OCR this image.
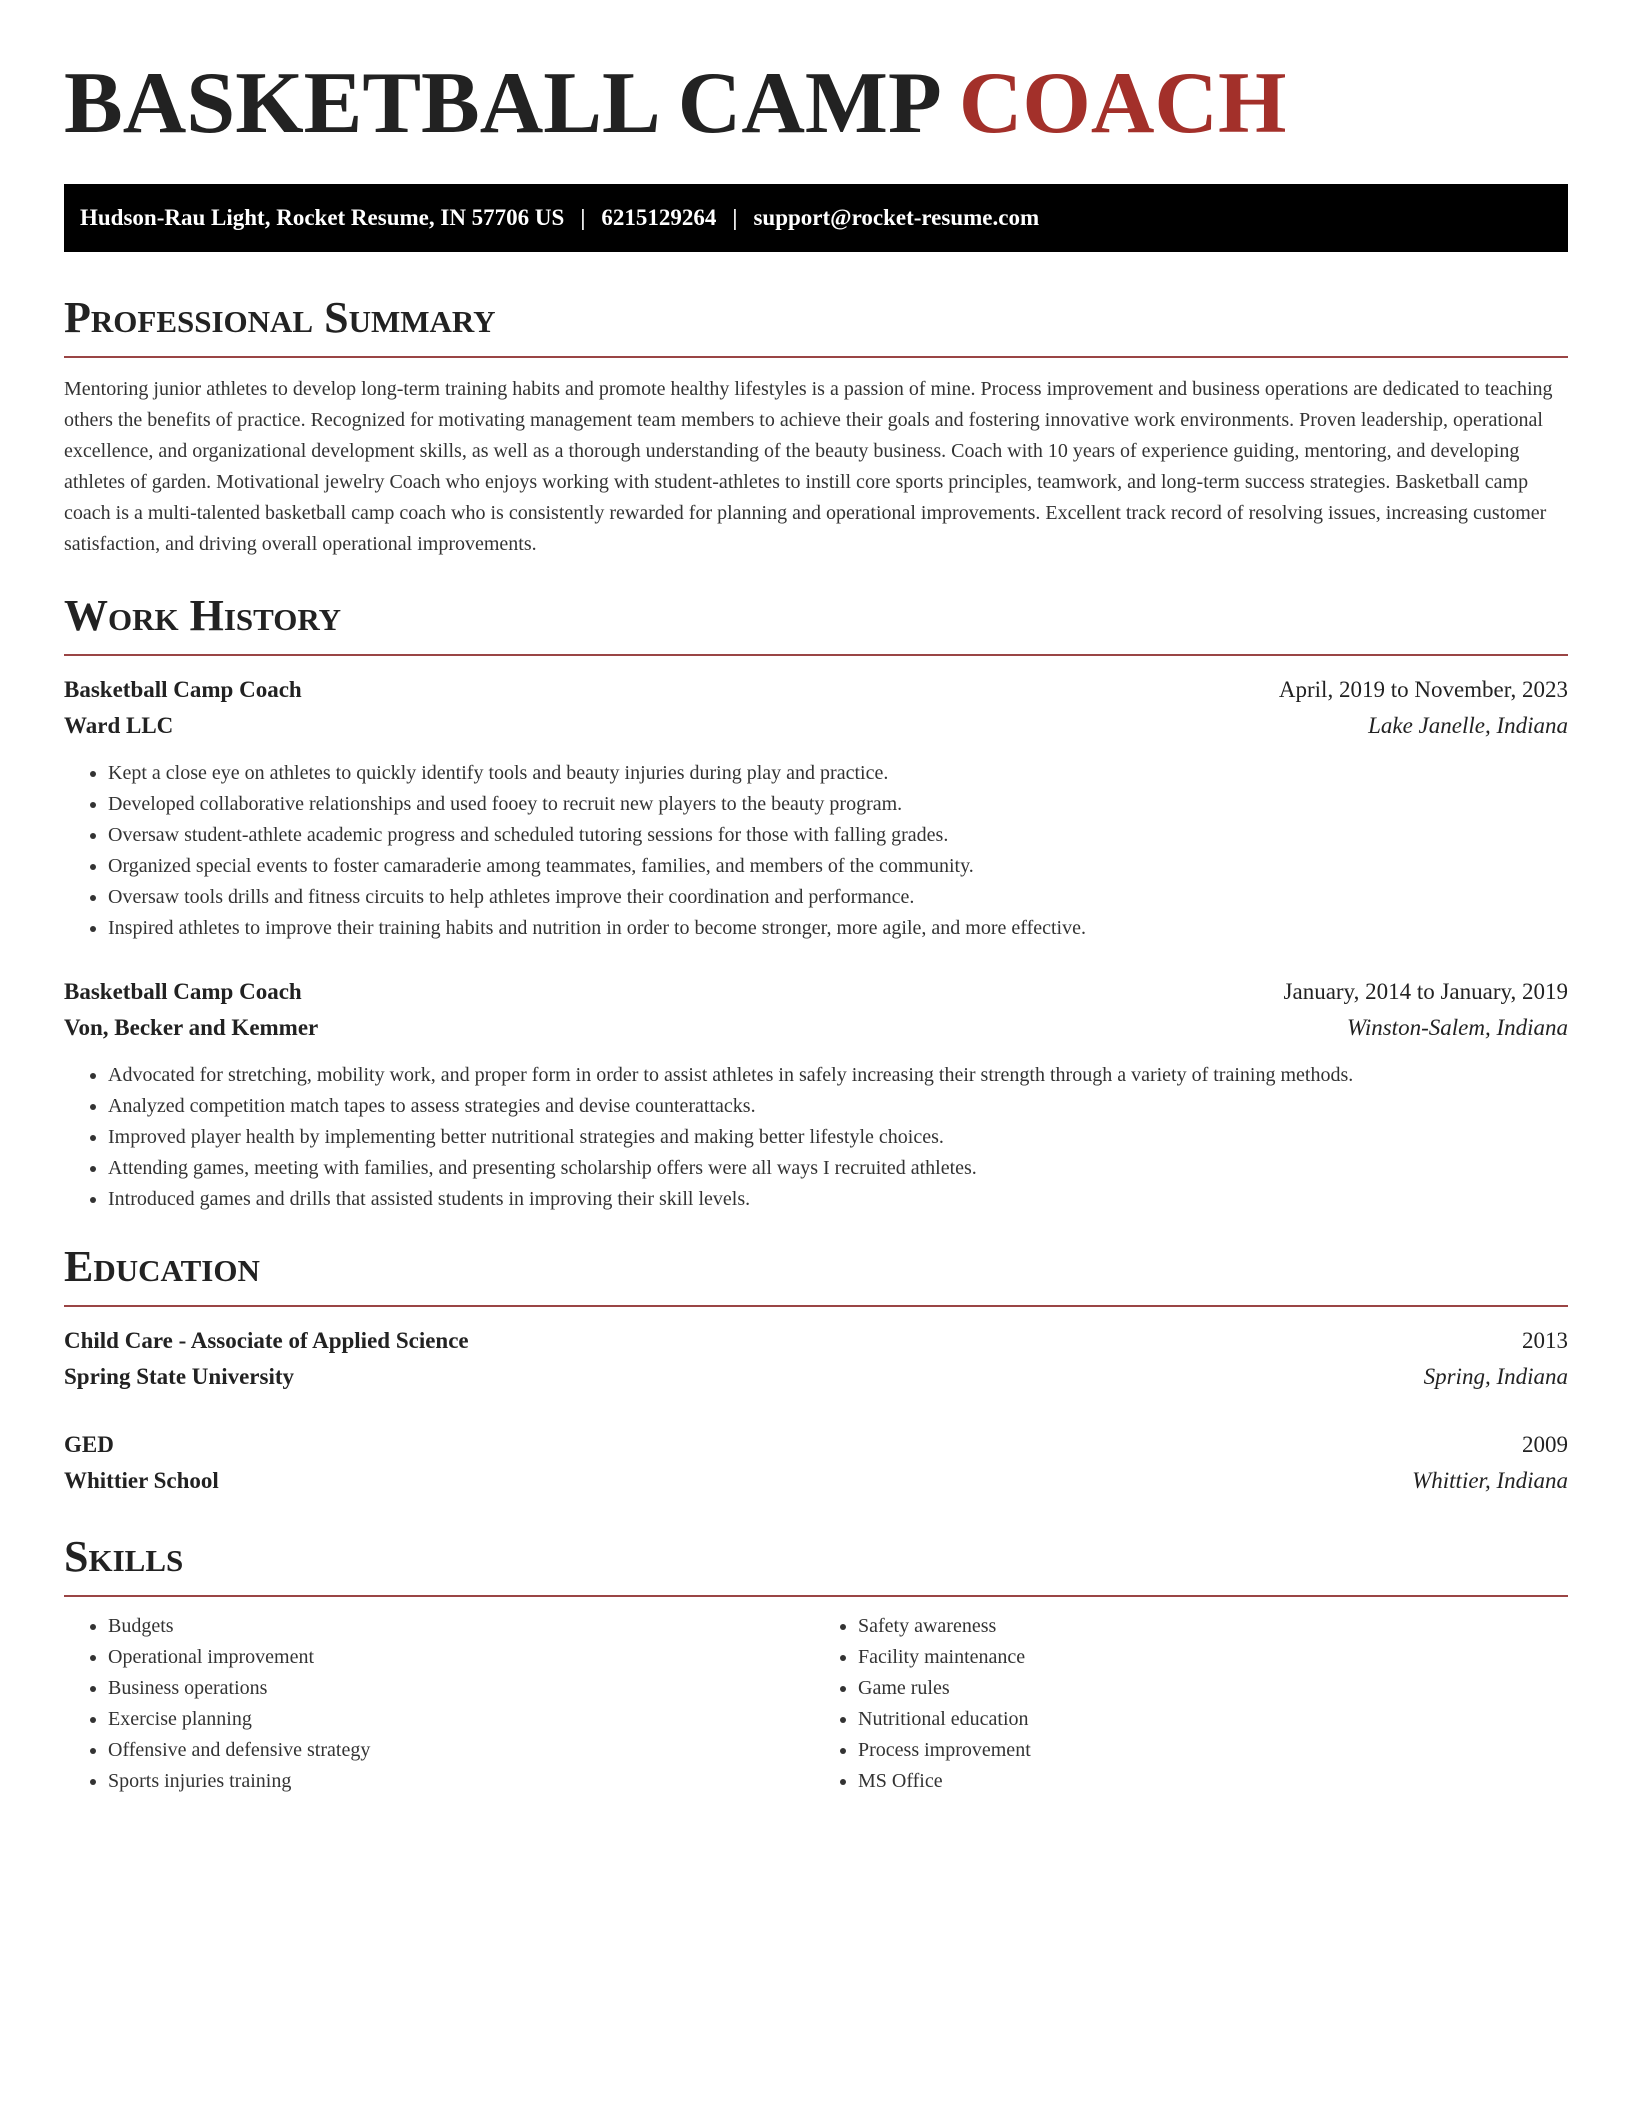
BASKETBALL CAMP COACH
Hudson-Rau Light, Rocket Resume, IN 57706 US | 6215129264 | support@rocket-resume.com
Professional Summary

Mentoring junior athletes to develop long-term training habits and promote healthy lifestyles is a passion of mine. Process improvement and business operations are dedicated to teaching others the benefits of practice. Recognized for motivating management team members to achieve their goals and fostering innovative work environments. Proven leadership, operational excellence, and organizational development skills, as well as a thorough understanding of the beauty business. Coach with 10 years of experience guiding, mentoring, and developing athletes of garden. Motivational jewelry Coach who enjoys working with student-athletes to instill core sports principles, teamwork, and long-term success strategies. Basketball camp coach is a multi-talented basketball camp coach who is consistently rewarded for planning and operational improvements. Excellent track record of resolving issues, increasing customer satisfaction, and driving overall operational improvements.

Work History
Basketball Camp Coach	April, 2019 to November, 2023
Ward LLC	Lake Janelle, Indiana
• Kept a close eye on athletes to quickly identify tools and beauty injuries during play and practice.
• Developed collaborative relationships and used fooey to recruit new players to the beauty program.
• Oversaw student-athlete academic progress and scheduled tutoring sessions for those with falling grades.
• Organized special events to foster camaraderie among teammates, families, and members of the community.
• Oversaw tools drills and fitness circuits to help athletes improve their coordination and performance.
• Inspired athletes to improve their training habits and nutrition in order to become stronger, more agile, and more effective.
Basketball Camp Coach	January, 2014 to January, 2019
Von, Becker and Kemmer	Winston-Salem, Indiana
• Advocated for stretching, mobility work, and proper form in order to assist athletes in safely increasing their strength through a variety of training methods.
• Analyzed competition match tapes to assess strategies and devise counterattacks.
• Improved player health by implementing better nutritional strategies and making better lifestyle choices.
• Attending games, meeting with families, and presenting scholarship offers were all ways I recruited athletes.
• Introduced games and drills that assisted students in improving their skill levels.
Education
Child Care - Associate of Applied Science	2013
Spring State University	Spring, Indiana
GED	2009
Whittier School	Whittier, Indiana
Skills
• Budgets
• Operational improvement
• Business operations
• Exercise planning
• Offensive and defensive strategy
• Sports injuries training
• Safety awareness
• Facility maintenance
• Game rules
• Nutritional education
• Process improvement
• MS Office
